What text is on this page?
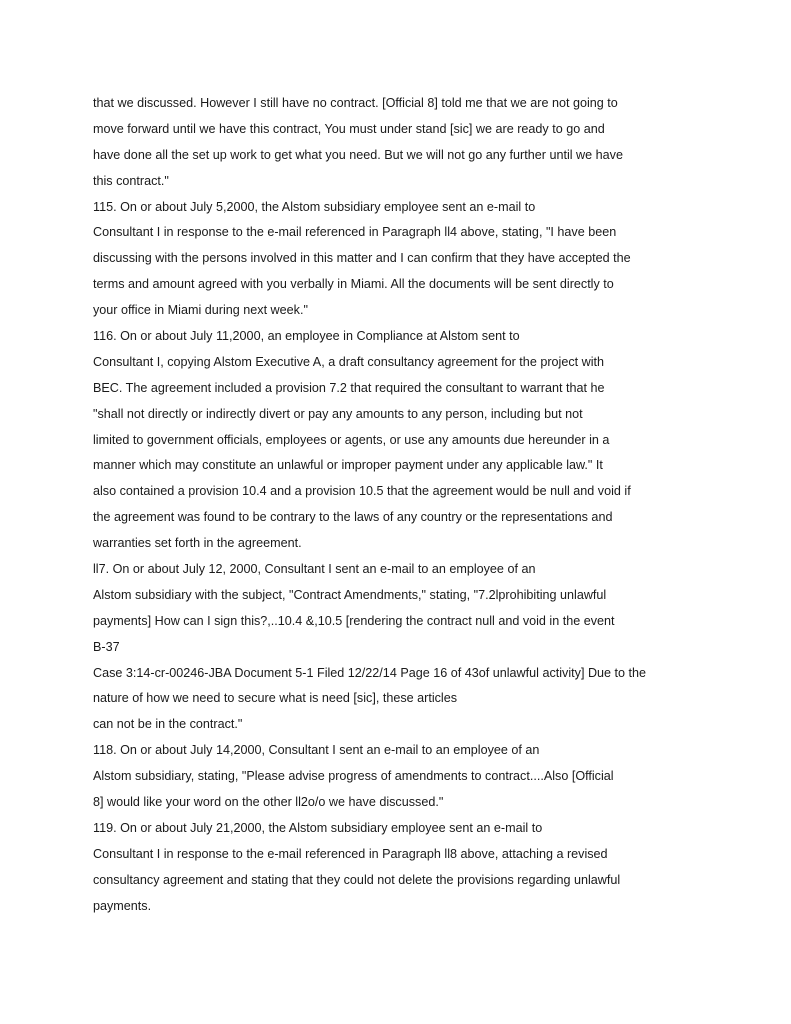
that we discussed. However I still have no contract. [Official 8] told me that we are not going to
move forward until we have this contract, You must under stand [sic] we are ready to go and
have done all the set up work to get what you need. But we will not go any further until we have
this contract."
115. On or about July 5,2000, the Alstom subsidiary employee sent an e-mail to
Consultant I in response to the e-mail referenced in Paragraph ll4 above, stating, "I have been
discussing with the persons involved in this matter and I can confirm that they have accepted the
terms and amount agreed with you verbally in Miami. All the documents will be sent directly to
your office in Miami during next week."
116. On or about July 11,2000, an employee in Compliance at Alstom sent to
Consultant I, copying Alstom Executive A, a draft consultancy agreement for the project with
BEC. The agreement included a provision 7.2 that required the consultant to warrant that he
"shall not directly or indirectly divert or pay any amounts to any person, including but not
limited to government officials, employees or agents, or use any amounts due hereunder in a
manner which may constitute an unlawful or improper payment under any applicable law." It
also contained a provision 10.4 and a provision 10.5 that the agreement would be null and void if
the agreement was found to be contrary to the laws of any country or the representations and
warranties set forth in the agreement.
ll7. On or about July 12, 2000, Consultant I sent an e-mail to an employee of an
Alstom subsidiary with the subject, "Contract Amendments," stating, "7.2lprohibiting unlawful
payments] How can I sign this?,..10.4 &,10.5 [rendering the contract null and void in the event
B-37
Case 3:14-cr-00246-JBA Document 5-1 Filed 12/22/14 Page 16 of 43of unlawful activity] Due to the
nature of how we need to secure what is need [sic], these articles
can not be in the contract."
118. On or about July 14,2000, Consultant I sent an e-mail to an employee of an
Alstom subsidiary, stating, "Please advise progress of amendments to contract....Also [Official
8] would like your word on the other ll2o/o we have discussed."
119. On or about July 21,2000, the Alstom subsidiary employee sent an e-mail to
Consultant I in response to the e-mail referenced in Paragraph ll8 above, attaching a revised
consultancy agreement and stating that they could not delete the provisions regarding unlawful
payments.
